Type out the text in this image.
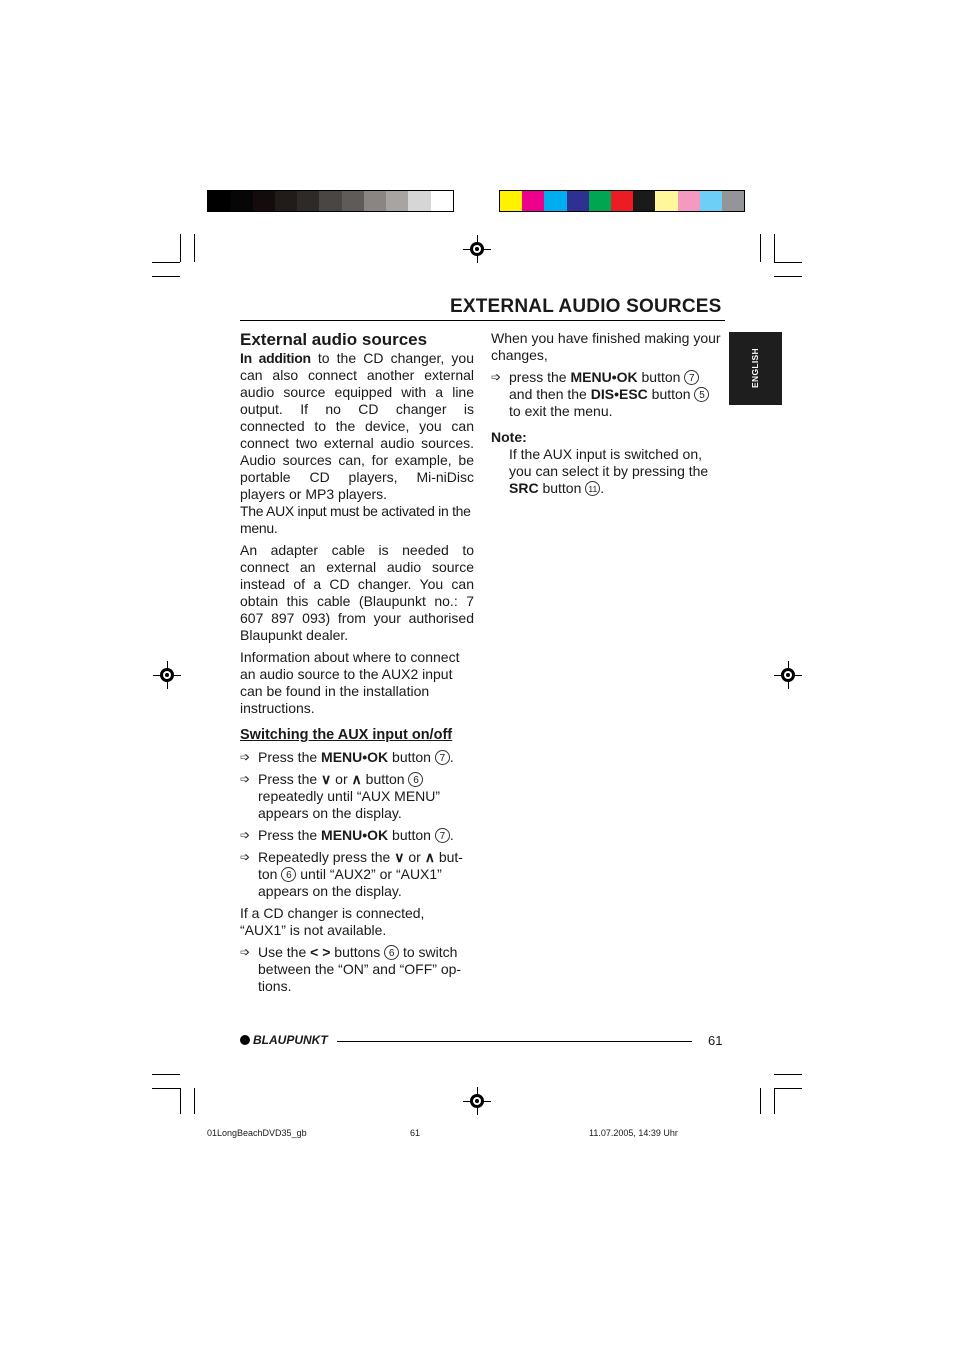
EXTERNAL AUDIO SOURCES
ENGLISH

External audio sources

In addition to the CD changer, you can also connect another external audio source equipped with a line output. If no CD changer is connected to the device, you can connect two external audio sources. Audio sources can, for example, be portable CD players, Mi-niDisc players or MP3 players.

The AUX input must be activated in the menu.

An adapter cable is needed to connect an external audio source instead of a CD changer. You can obtain this cable (Blaupunkt no.: 7 607 897 093) from your authorised Blaupunkt dealer.

Information about where to connect an audio source to the AUX2 input can be found in the installation instructions.

Switching the AUX input on/off

➩ Press the MENU•OK button 7 .
➩ Press the ∨ or ∧ button 6
repeatedly until “AUX MENU” appears on the display.
➩ Press the MENU•OK button 7 .
➩ Repeatedly press the ∨ or ∧ but-ton 6 until “AUX2” or “AUX1” appears on the display.

If a CD changer is connected, “AUX1” is not available.

➩ Use the < > buttons 6 to switch between the “ON” and “OFF” op-tions.

When you have finished making your changes,

➩ press the MENU•OK button 7
and then the DIS•ESC button 5
to exit the menu.

Note:

If the AUX input is switched on, you can select it by pressing the SRC button 11 .

BLAUPUNKT	61
01LongBeachDVD35_gb	61	11.07.2005, 14:39 Uhr
